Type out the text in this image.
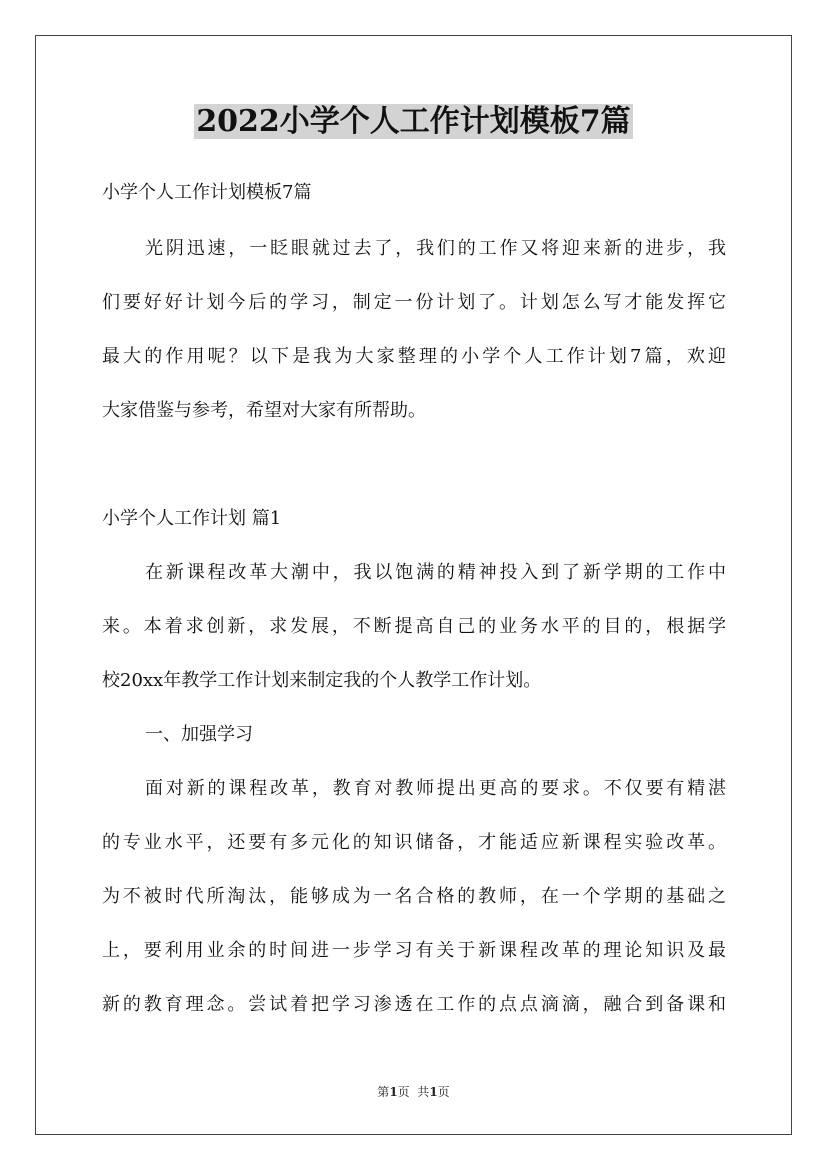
2022小学个人工作计划模板7篇
小学个人工作计划模板7篇
光阴迅速，一眨眼就过去了，我们的工作又将迎来新的进步，我
们要好好计划今后的学习，制定一份计划了。计划怎么写才能发挥它
最大的作用呢？以下是我为大家整理的小学个人工作计划7篇，欢迎
大家借鉴与参考，希望对大家有所帮助。
小学个人工作计划 篇1
在新课程改革大潮中，我以饱满的精神投入到了新学期的工作中
来。本着求创新，求发展，不断提高自己的业务水平的目的，根据学
校20xx年教学工作计划来制定我的个人教学工作计划。
一、加强学习
面对新的课程改革，教育对教师提出更高的要求。不仅要有精湛
的专业水平，还要有多元化的知识储备，才能适应新课程实验改革。
为不被时代所淘汰，能够成为一名合格的教师，在一个学期的基础之
上，要利用业余的时间进一步学习有关于新课程改革的理论知识及最
新的教育理念。尝试着把学习渗透在工作的点点滴滴，融合到备课和
第1页  共1页
